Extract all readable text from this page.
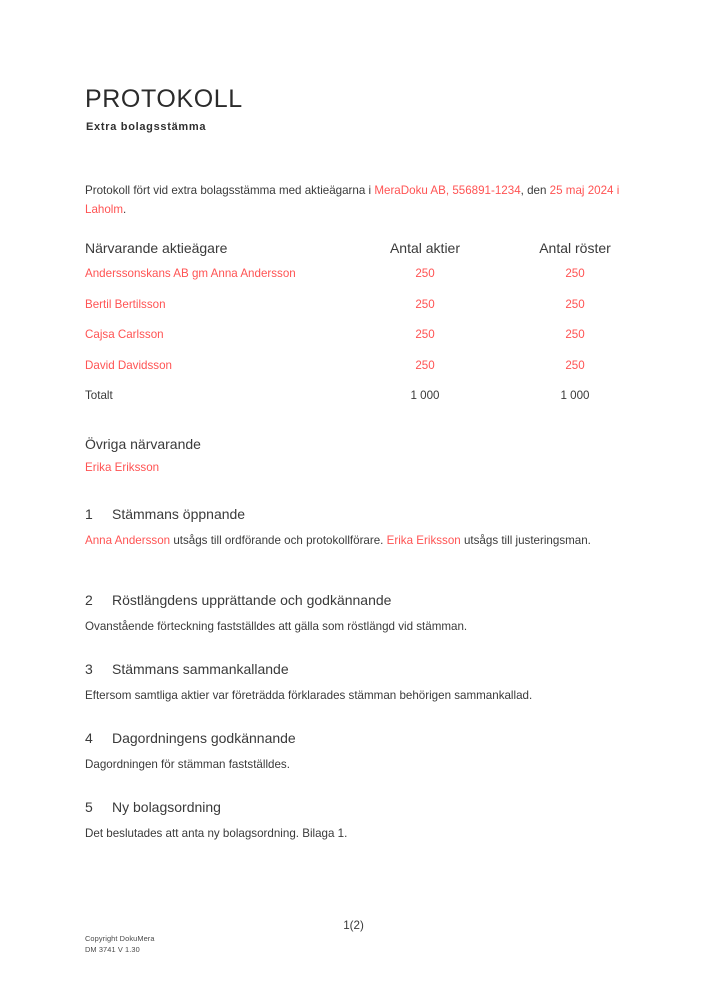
PROTOKOLL
Extra bolagsstämma
Protokoll fört vid extra bolagsstämma med aktieägarna i MeraDoku AB, 556891-1234, den 25 maj 2024 i Laholm.
Närvarande aktieägare	Antal aktier	Antal röster
Anderssonskans AB gm Anna Andersson	250	250
Bertil Bertilsson	250	250
Cajsa Carlsson	250	250
David Davidsson	250	250
Totalt	1 000	1 000
Övriga närvarande
Erika Eriksson
1 Stämmans öppnande
Anna Andersson utsågs till ordförande och protokollförare. Erika Eriksson utsågs till justeringsman.
2 Röstlängdens upprättande och godkännande
Ovanstående förteckning fastställdes att gälla som röstlängd vid stämman.
3 Stämmans sammankallande
Eftersom samtliga aktier var företrädda förklarades stämman behörigen sammankallad.
4 Dagordningens godkännande
Dagordningen för stämman fastställdes.
5 Ny bolagsordning
Det beslutades att anta ny bolagsordning. Bilaga 1.
1(2)
Copyright DokuMera
DM 3741 V 1.30
